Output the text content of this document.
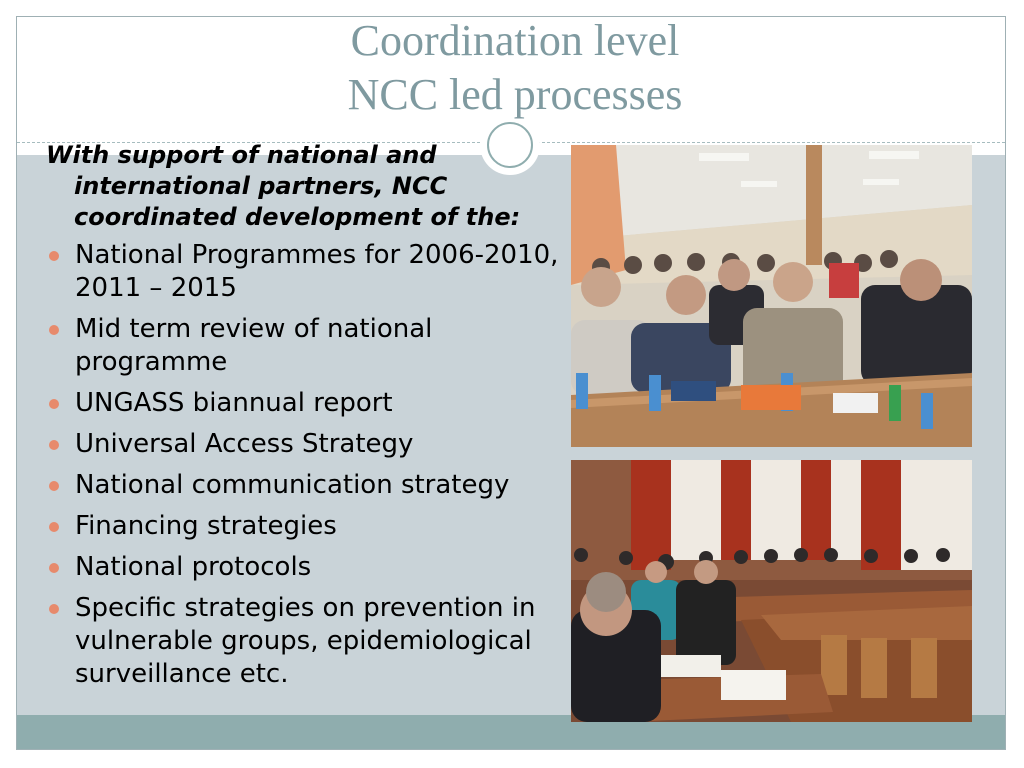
Coordination level
NCC led processes

With support of national and international partners, NCC coordinated development of the:

National Programmes for 2006-2010, 2011 – 2015
Mid term review of national programme
UNGASS biannual report
Universal Access Strategy
National communication strategy
Financing strategies
National protocols
Specific strategies on prevention in vulnerable groups, epidemiological surveillance etc.
